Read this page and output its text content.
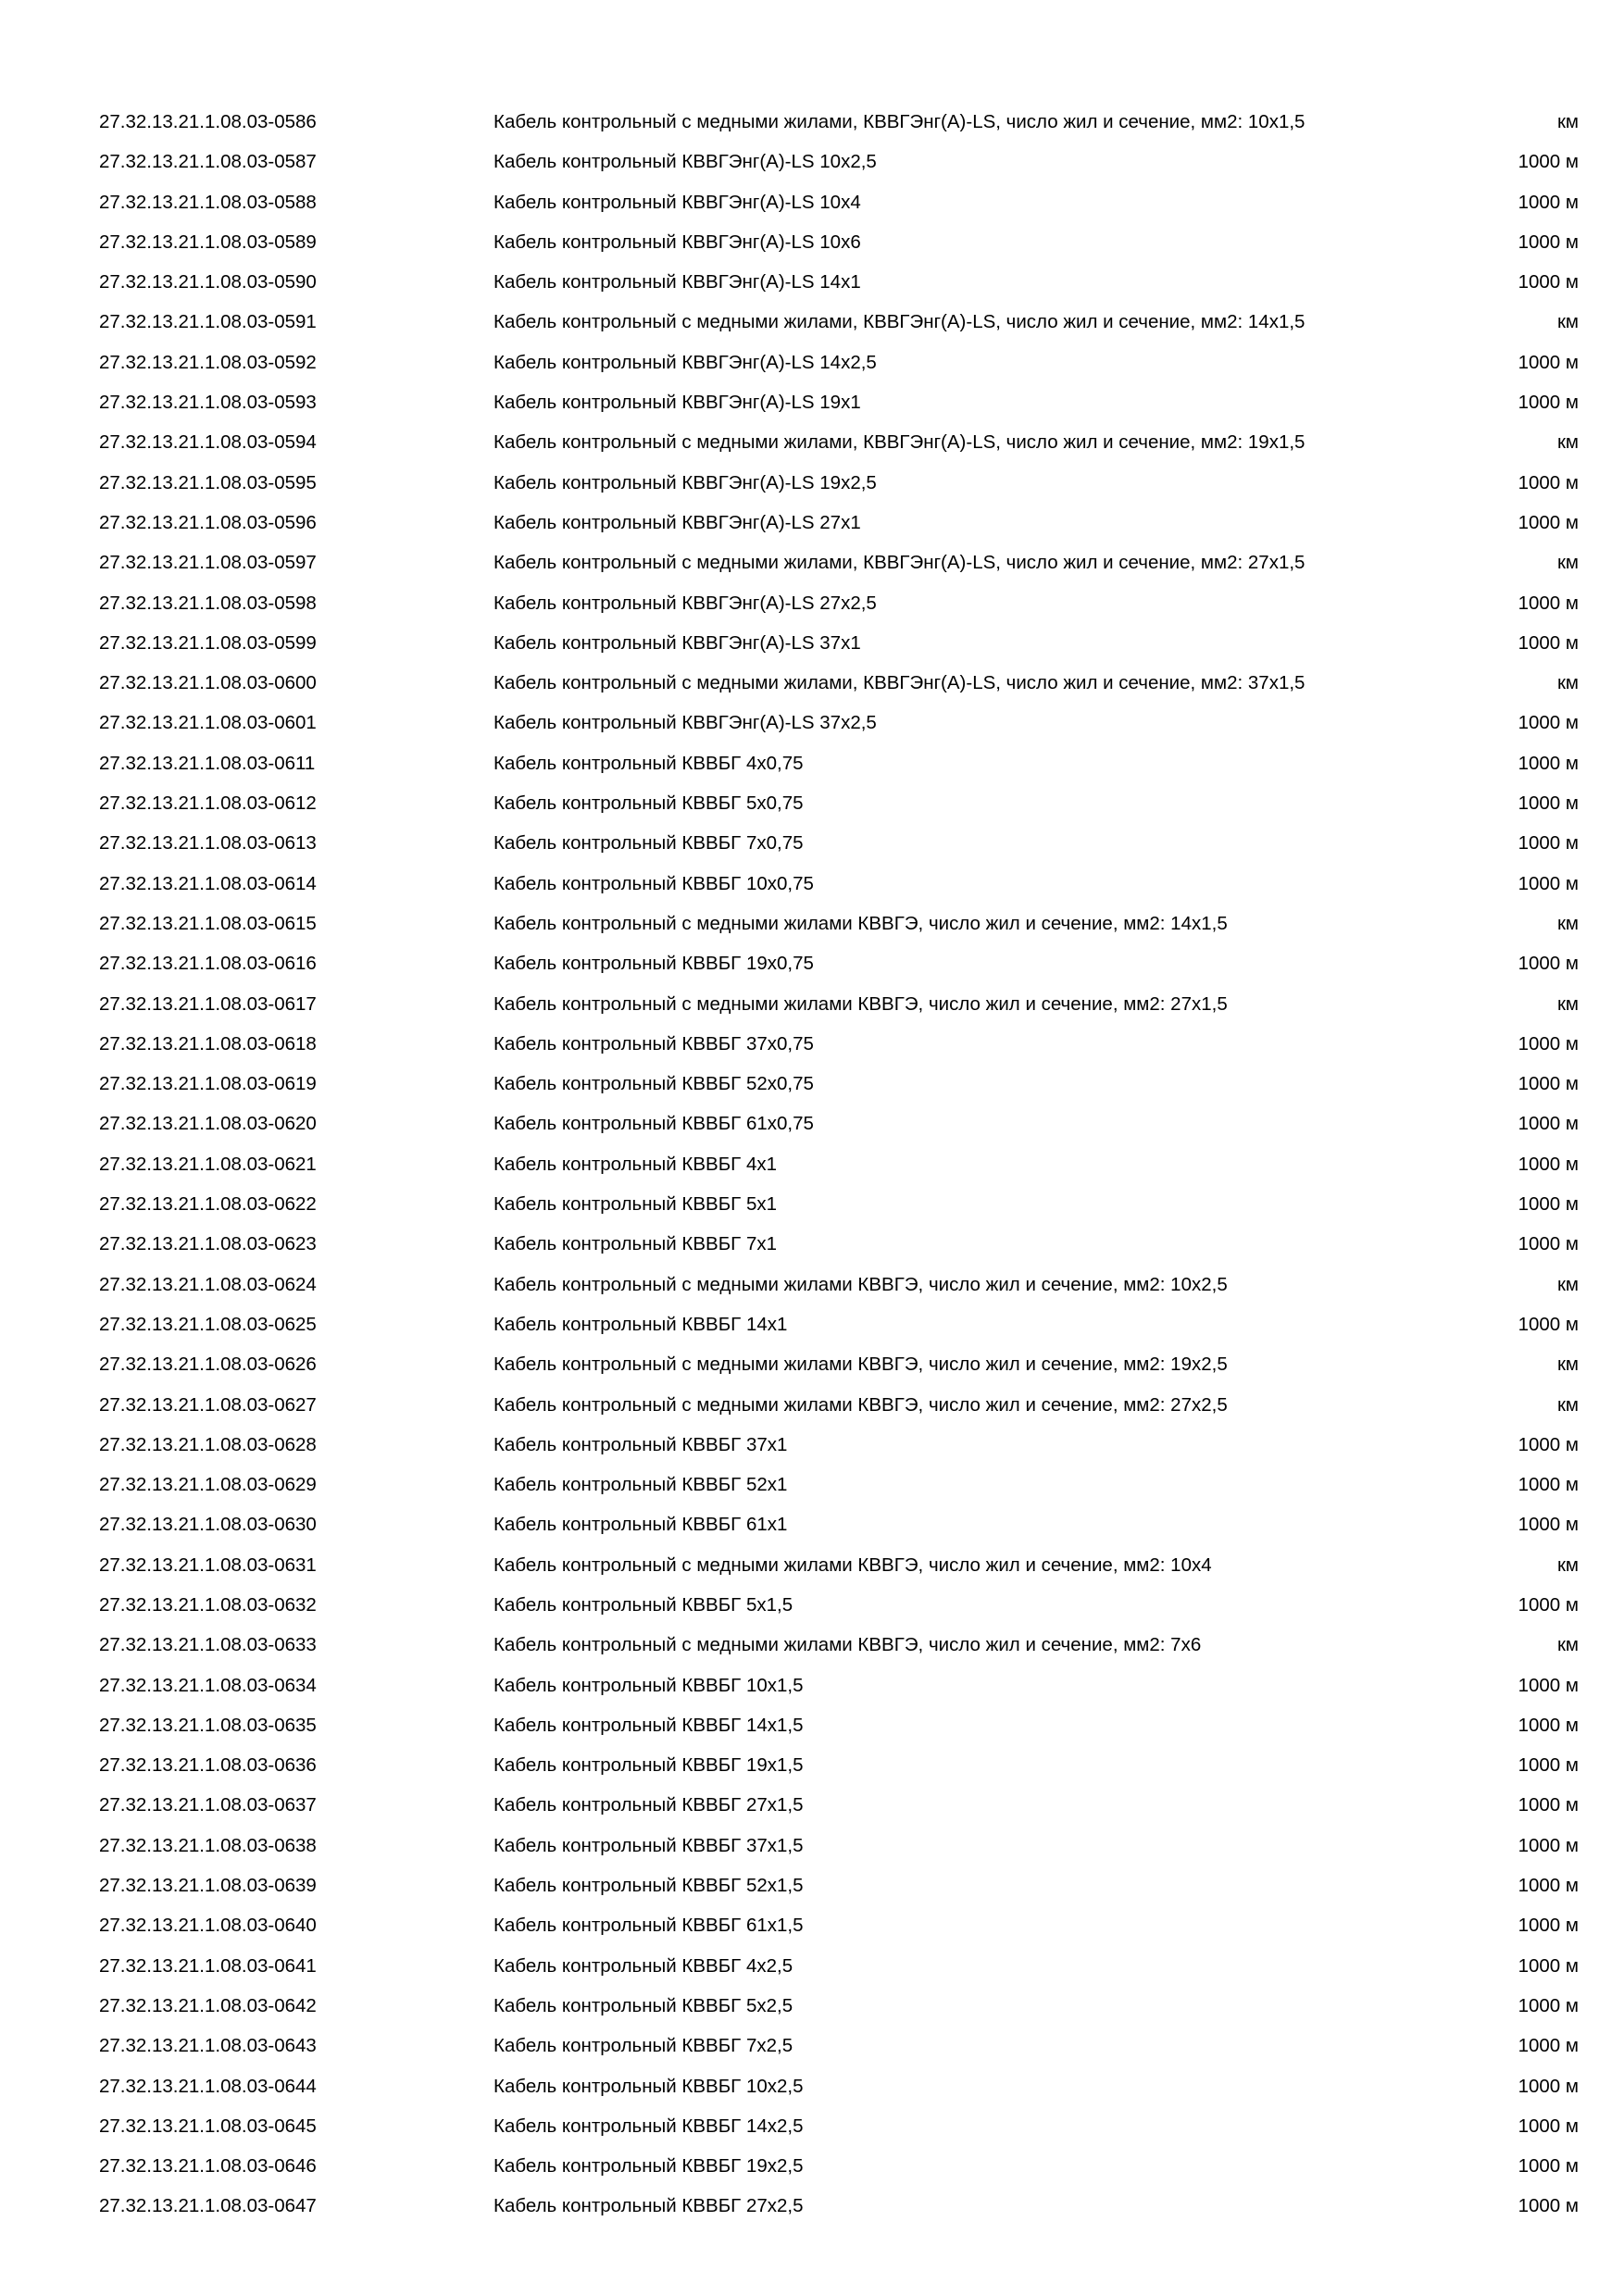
27.32.13.21.1.08.03-0586	Кабель контрольный с медными жилами, КВВГЭнг(А)-LS, число жил и сечение, мм2: 10х1,5	км
27.32.13.21.1.08.03-0587	Кабель контрольный КВВГЭнг(А)-LS 10х2,5	1000 м
27.32.13.21.1.08.03-0588	Кабель контрольный КВВГЭнг(А)-LS 10х4	1000 м
27.32.13.21.1.08.03-0589	Кабель контрольный КВВГЭнг(А)-LS 10х6	1000 м
27.32.13.21.1.08.03-0590	Кабель контрольный КВВГЭнг(А)-LS 14х1	1000 м
27.32.13.21.1.08.03-0591	Кабель контрольный с медными жилами, КВВГЭнг(А)-LS, число жил и сечение, мм2: 14х1,5	км
27.32.13.21.1.08.03-0592	Кабель контрольный КВВГЭнг(А)-LS 14х2,5	1000 м
27.32.13.21.1.08.03-0593	Кабель контрольный КВВГЭнг(А)-LS 19х1	1000 м
27.32.13.21.1.08.03-0594	Кабель контрольный с медными жилами, КВВГЭнг(А)-LS, число жил и сечение, мм2: 19х1,5	км
27.32.13.21.1.08.03-0595	Кабель контрольный КВВГЭнг(А)-LS 19х2,5	1000 м
27.32.13.21.1.08.03-0596	Кабель контрольный КВВГЭнг(А)-LS 27х1	1000 м
27.32.13.21.1.08.03-0597	Кабель контрольный с медными жилами, КВВГЭнг(А)-LS, число жил и сечение, мм2: 27х1,5	км
27.32.13.21.1.08.03-0598	Кабель контрольный КВВГЭнг(А)-LS 27х2,5	1000 м
27.32.13.21.1.08.03-0599	Кабель контрольный КВВГЭнг(А)-LS 37х1	1000 м
27.32.13.21.1.08.03-0600	Кабель контрольный с медными жилами, КВВГЭнг(А)-LS, число жил и сечение, мм2: 37х1,5	км
27.32.13.21.1.08.03-0601	Кабель контрольный КВВГЭнг(А)-LS 37х2,5	1000 м
27.32.13.21.1.08.03-0611	Кабель контрольный КВВБГ 4х0,75	1000 м
27.32.13.21.1.08.03-0612	Кабель контрольный КВВБГ 5х0,75	1000 м
27.32.13.21.1.08.03-0613	Кабель контрольный КВВБГ 7х0,75	1000 м
27.32.13.21.1.08.03-0614	Кабель контрольный КВВБГ 10х0,75	1000 м
27.32.13.21.1.08.03-0615	Кабель контрольный с медными жилами КВВГЭ, число жил и сечение, мм2: 14х1,5	км
27.32.13.21.1.08.03-0616	Кабель контрольный КВВБГ 19х0,75	1000 м
27.32.13.21.1.08.03-0617	Кабель контрольный с медными жилами КВВГЭ, число жил и сечение, мм2: 27х1,5	км
27.32.13.21.1.08.03-0618	Кабель контрольный КВВБГ 37х0,75	1000 м
27.32.13.21.1.08.03-0619	Кабель контрольный КВВБГ 52х0,75	1000 м
27.32.13.21.1.08.03-0620	Кабель контрольный КВВБГ 61х0,75	1000 м
27.32.13.21.1.08.03-0621	Кабель контрольный КВВБГ 4х1	1000 м
27.32.13.21.1.08.03-0622	Кабель контрольный КВВБГ 5х1	1000 м
27.32.13.21.1.08.03-0623	Кабель контрольный КВВБГ 7х1	1000 м
27.32.13.21.1.08.03-0624	Кабель контрольный с медными жилами КВВГЭ, число жил и сечение, мм2: 10х2,5	км
27.32.13.21.1.08.03-0625	Кабель контрольный КВВБГ 14х1	1000 м
27.32.13.21.1.08.03-0626	Кабель контрольный с медными жилами КВВГЭ, число жил и сечение, мм2: 19х2,5	км
27.32.13.21.1.08.03-0627	Кабель контрольный с медными жилами КВВГЭ, число жил и сечение, мм2: 27х2,5	км
27.32.13.21.1.08.03-0628	Кабель контрольный КВВБГ 37х1	1000 м
27.32.13.21.1.08.03-0629	Кабель контрольный КВВБГ 52х1	1000 м
27.32.13.21.1.08.03-0630	Кабель контрольный КВВБГ 61х1	1000 м
27.32.13.21.1.08.03-0631	Кабель контрольный с медными жилами КВВГЭ, число жил и сечение, мм2: 10х4	км
27.32.13.21.1.08.03-0632	Кабель контрольный КВВБГ 5х1,5	1000 м
27.32.13.21.1.08.03-0633	Кабель контрольный с медными жилами КВВГЭ, число жил и сечение, мм2: 7х6	км
27.32.13.21.1.08.03-0634	Кабель контрольный КВВБГ 10х1,5	1000 м
27.32.13.21.1.08.03-0635	Кабель контрольный КВВБГ 14х1,5	1000 м
27.32.13.21.1.08.03-0636	Кабель контрольный КВВБГ 19х1,5	1000 м
27.32.13.21.1.08.03-0637	Кабель контрольный КВВБГ 27х1,5	1000 м
27.32.13.21.1.08.03-0638	Кабель контрольный КВВБГ 37х1,5	1000 м
27.32.13.21.1.08.03-0639	Кабель контрольный КВВБГ 52х1,5	1000 м
27.32.13.21.1.08.03-0640	Кабель контрольный КВВБГ 61х1,5	1000 м
27.32.13.21.1.08.03-0641	Кабель контрольный КВВБГ 4х2,5	1000 м
27.32.13.21.1.08.03-0642	Кабель контрольный КВВБГ 5х2,5	1000 м
27.32.13.21.1.08.03-0643	Кабель контрольный КВВБГ 7х2,5	1000 м
27.32.13.21.1.08.03-0644	Кабель контрольный КВВБГ 10х2,5	1000 м
27.32.13.21.1.08.03-0645	Кабель контрольный КВВБГ 14х2,5	1000 м
27.32.13.21.1.08.03-0646	Кабель контрольный КВВБГ 19х2,5	1000 м
27.32.13.21.1.08.03-0647	Кабель контрольный КВВБГ 27х2,5	1000 м
